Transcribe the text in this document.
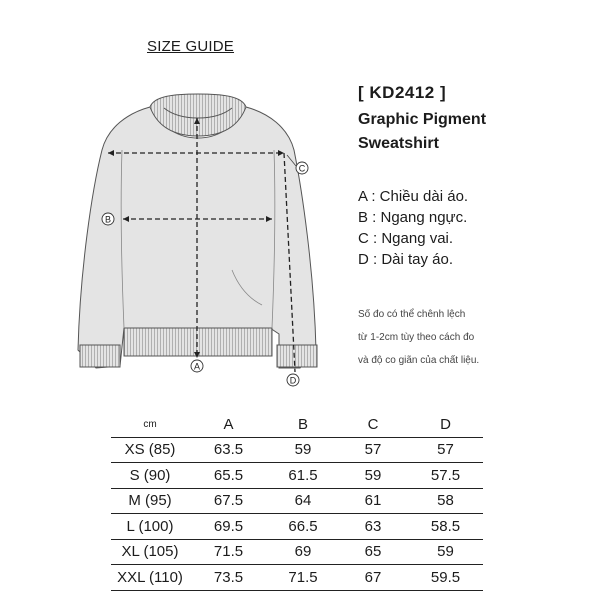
SIZE GUIDE
C
B
A
D
[ KD2412 ]
Graphic Pigment Sweatshirt
A : Chiều dài áo.
B : Ngang ngực.
C : Ngang vai.
D : Dài tay áo.
Số đo có thể chênh lệch
từ 1-2cm tùy theo cách đo
và độ co giãn của chất liệu.
cm	A	B	C	D
XS (85)	63.5	59	57	57
S (90)	65.5	61.5	59	57.5
M (95)	67.5	64	61	58
L (100)	69.5	66.5	63	58.5
XL (105)	71.5	69	65	59
XXL (110)	73.5	71.5	67	59.5
